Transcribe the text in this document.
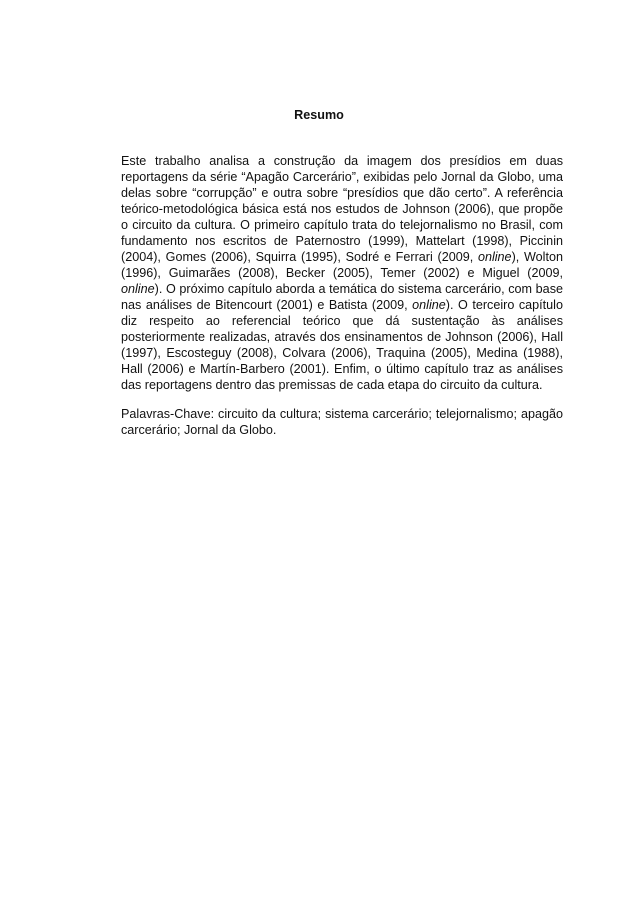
Resumo

Este trabalho analisa a construção da imagem dos presídios em duas reportagens da série “Apagão Carcerário”, exibidas pelo Jornal da Globo, uma delas sobre “corrupção” e outra sobre “presídios que dão certo”. A referência teórico-metodológica básica está nos estudos de Johnson (2006), que propõe o circuito da cultura. O primeiro capítulo trata do telejornalismo no Brasil, com fundamento nos escritos de Paternostro (1999), Mattelart (1998), Piccinin (2004), Gomes (2006), Squirra (1995), Sodré e Ferrari (2009, online), Wolton (1996), Guimarães (2008), Becker (2005), Temer (2002) e Miguel (2009, online). O próximo capítulo aborda a temática do sistema carcerário, com base nas análises de Bitencourt (2001) e Batista (2009, online). O terceiro capítulo diz respeito ao referencial teórico que dá sustentação às análises posteriormente realizadas, através dos ensinamentos de Johnson (2006), Hall (1997), Escosteguy (2008), Colvara (2006), Traquina (2005), Medina (1988), Hall (2006) e Martín-Barbero (2001). Enfim, o último capítulo traz as análises das reportagens dentro das premissas de cada etapa do circuito da cultura.

Palavras-Chave: circuito da cultura; sistema carcerário; telejornalismo; apagão carcerário; Jornal da Globo.
